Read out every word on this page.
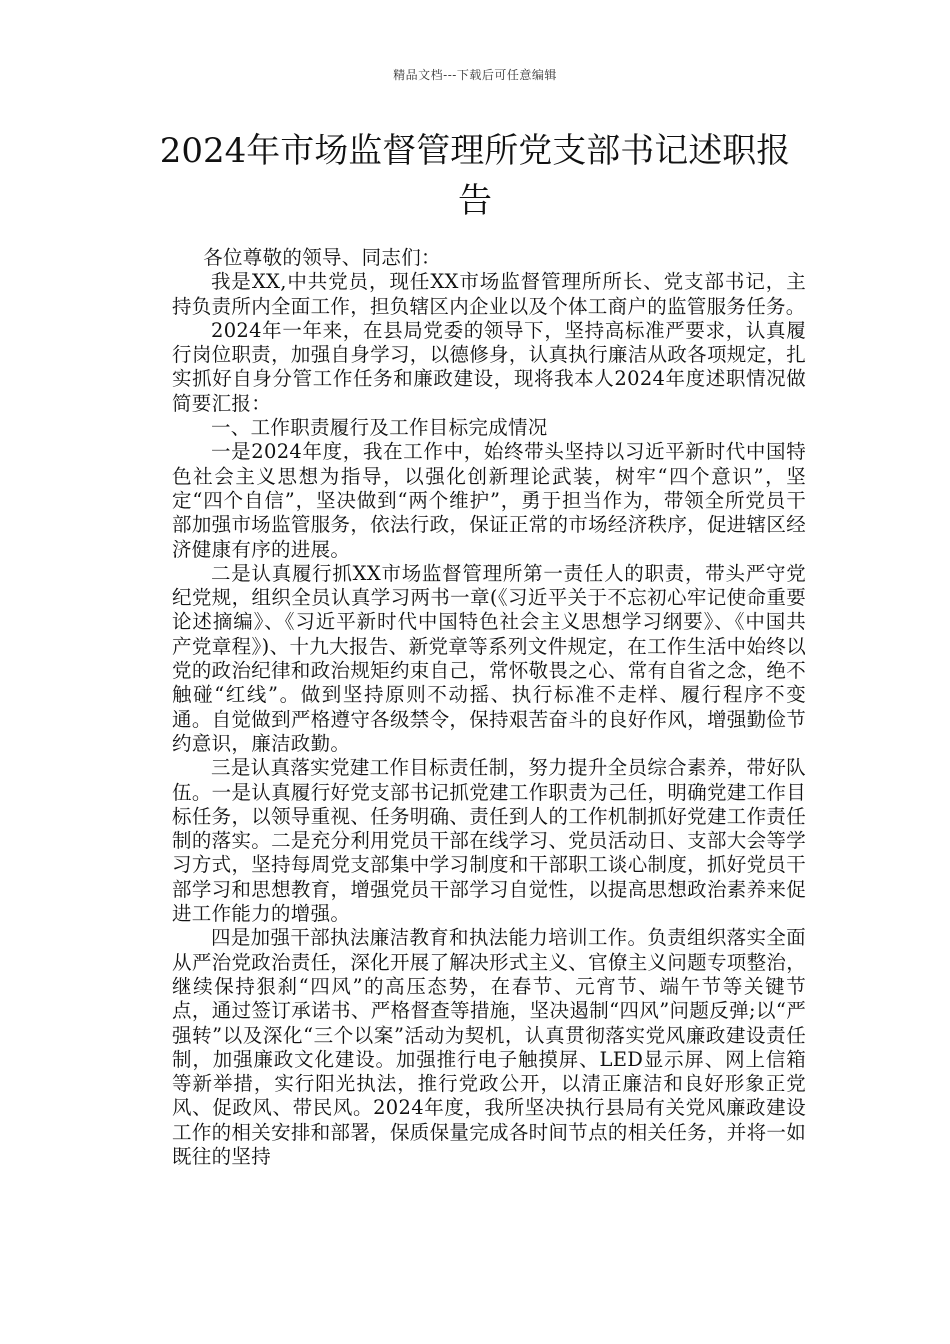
精品文档---下载后可任意编辑
2024年市场监督管理所党支部书记述职报告

各位尊敬的领导、同志们：

我是XX,中共党员，现任XX市场监督管理所所长、党支部书记，主持负责所内全面工作，担负辖区内企业以及个体工商户的监管服务任务。

2024年一年来，在县局党委的领导下，坚持高标准严要求，认真履行岗位职责，加强自身学习，以德修身，认真执行廉洁从政各项规定，扎实抓好自身分管工作任务和廉政建设，现将我本人2024年度述职情况做简要汇报：

一、工作职责履行及工作目标完成情况

一是2024年度，我在工作中，始终带头坚持以习近平新时代中国特色社会主义思想为指导，以强化创新理论武装，树牢“四个意识”，坚定“四个自信”，坚决做到“两个维护”，勇于担当作为，带领全所党员干部加强市场监管服务，依法行政，保证正常的市场经济秩序，促进辖区经济健康有序的进展。

二是认真履行抓XX市场监督管理所第一责任人的职责，带头严守党纪党规，组织全员认真学习两书一章(《习近平关于不忘初心牢记使命重要论述摘编》、《习近平新时代中国特色社会主义思想学习纲要》、《中国共产党章程》)、十九大报告、新党章等系列文件规定，在工作生活中始终以党的政治纪律和政治规矩约束自己，常怀敬畏之心、常有自省之念，绝不触碰“红线”。做到坚持原则不动摇、执行标准不走样、履行程序不变通。自觉做到严格遵守各级禁令，保持艰苦奋斗的良好作风，增强勤俭节约意识，廉洁政勤。

三是认真落实党建工作目标责任制，努力提升全员综合素养，带好队伍。一是认真履行好党支部书记抓党建工作职责为己任，明确党建工作目标任务，以领导重视、任务明确、责任到人的工作机制抓好党建工作责任制的落实。二是充分利用党员干部在线学习、党员活动日、支部大会等学习方式，坚持每周党支部集中学习制度和干部职工谈心制度，抓好党员干部学习和思想教育，增强党员干部学习自觉性，以提高思想政治素养来促进工作能力的增强。

四是加强干部执法廉洁教育和执法能力培训工作。负责组织落实全面从严治党政治责任，深化开展了解决形式主义、官僚主义问题专项整治，继续保持狠刹“四风”的高压态势，在春节、元宵节、端午节等关键节点，通过签订承诺书、严格督查等措施，坚决遏制“四风”问题反弹;以“严强转”以及深化“三个以案”活动为契机，认真贯彻落实党风廉政建设责任制，加强廉政文化建设。加强推行电子触摸屏、LED显示屏、网上信箱等新举措，实行阳光执法，推行党政公开，以清正廉洁和良好形象正党风、促政风、带民风。2024年度，我所坚决执行县局有关党风廉政建设工作的相关安排和部署，保质保量完成各时间节点的相关任务，并将一如既往的坚持
